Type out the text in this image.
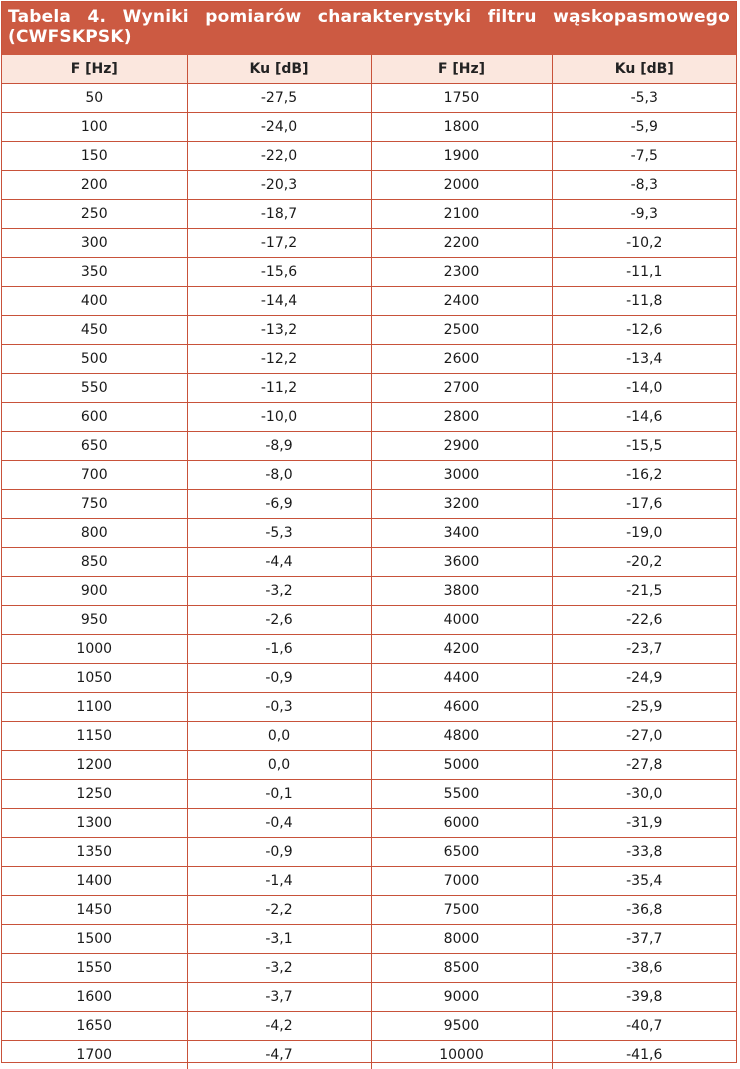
Tabela 4. Wyniki pomiarów charakterystyki filtru wąskopasmowego
(CWFSKPSK)
F [Hz]	Ku [dB]	F [Hz]	Ku [dB]
50	-27,5	1750	-5,3
100	-24,0	1800	-5,9
150	-22,0	1900	-7,5
200	-20,3	2000	-8,3
250	-18,7	2100	-9,3
300	-17,2	2200	-10,2
350	-15,6	2300	-11,1
400	-14,4	2400	-11,8
450	-13,2	2500	-12,6
500	-12,2	2600	-13,4
550	-11,2	2700	-14,0
600	-10,0	2800	-14,6
650	-8,9	2900	-15,5
700	-8,0	3000	-16,2
750	-6,9	3200	-17,6
800	-5,3	3400	-19,0
850	-4,4	3600	-20,2
900	-3,2	3800	-21,5
950	-2,6	4000	-22,6
1000	-1,6	4200	-23,7
1050	-0,9	4400	-24,9
1100	-0,3	4600	-25,9
1150	0,0	4800	-27,0
1200	0,0	5000	-27,8
1250	-0,1	5500	-30,0
1300	-0,4	6000	-31,9
1350	-0,9	6500	-33,8
1400	-1,4	7000	-35,4
1450	-2,2	7500	-36,8
1500	-3,1	8000	-37,7
1550	-3,2	8500	-38,6
1600	-3,7	9000	-39,8
1650	-4,2	9500	-40,7
1700	-4,7	10000	-41,6
